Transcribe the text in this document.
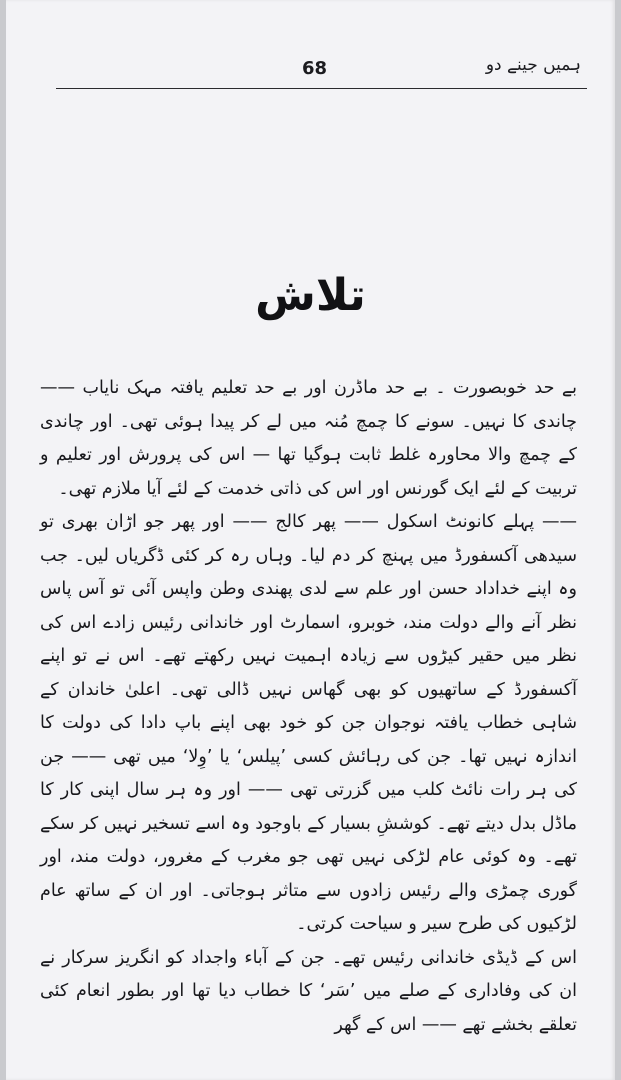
68	ہمیں جینے دو
تلاش

بے حد خوبصورت ۔ بے حد ماڈرن اور بے حد تعلیم یافتہ مہک نایاب —— چاندی کا نہیں۔ سونے کا چمچ مُنہ میں لے کر پیدا ہوئی تھی۔ اور چاندی کے چمچ والا محاورہ غلط ثابت ہوگیا تھا — اس کی پرورش اور تعلیم و تربیت کے لئے ایک گورنس اور اس کی ذاتی خدمت کے لئے آیا ملازم تھی۔

—— پہلے کانونٹ اسکول —— پھر کالج —— اور پھر جو اڑان بھری تو سیدھی آکسفورڈ میں پہنچ کر دم لیا۔ وہاں رہ کر کئی ڈگریاں لیں۔ جب وہ اپنے خداداد حسن اور علم سے لدی پھندی وطن واپس آئی تو آس پاس نظر آنے والے دولت مند، خوبرو، اسمارٹ اور خاندانی رئیس زادے اس کی نظر میں حقیر کیڑوں سے زیادہ اہمیت نہیں رکھتے تھے۔ اس نے تو اپنے آکسفورڈ کے ساتھیوں کو بھی گھاس نہیں ڈالی تھی۔ اعلیٰ خاندان کے شاہی خطاب یافتہ نوجوان جن کو خود بھی اپنے باپ دادا کی دولت کا اندازہ نہیں تھا۔ جن کی رہائش کسی ’پیلس‘ یا ’وِلا‘ میں تھی —— جن کی ہر رات نائٹ کلب میں گزرتی تھی —— اور وہ ہر سال اپنی کار کا ماڈل بدل دیتے تھے۔ کوششِ بسیار کے باوجود وہ اسے تسخیر نہیں کر سکے تھے۔ وہ کوئی عام لڑکی نہیں تھی جو مغرب کے مغرور، دولت مند، اور گوری چمڑی والے رئیس زادوں سے متاثر ہوجاتی۔ اور ان کے ساتھ عام لڑکیوں کی طرح سیر و سیاحت کرتی۔

اس کے ڈیڈی خاندانی رئیس تھے۔ جن کے آباء واجداد کو انگریز سرکار نے ان کی وفاداری کے صلے میں ’سَر‘ کا خطاب دیا تھا اور بطور انعام کئی تعلقے بخشے تھے —— اس کے گھر
